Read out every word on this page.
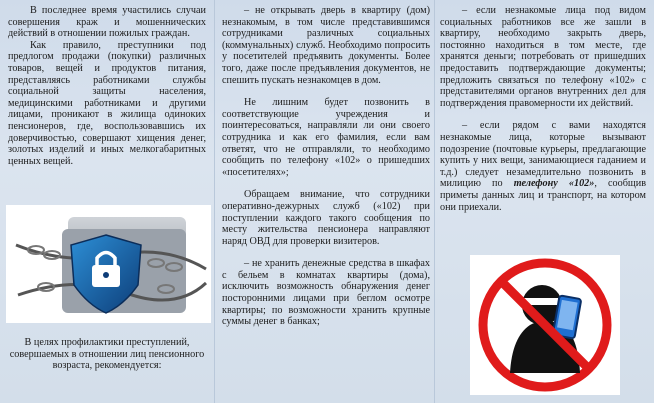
В последнее время участились случаи совершения краж и мошеннических действий в отношении пожилых граждан.

Как правило, преступники под предлогом продажи (покупки) различных товаров, вещей и продуктов питания, представляясь работниками службы социальной защиты населения, медицинскими работниками и другими лицами, проникают в жилища одиноких пенсионеров, где, воспользовавшись их доверчивостью, совершают хищения денег, золотых изделий и иных мелкогабаритных ценных вещей.

В целях профилактики преступлений, совершаемых в отношении лиц пенсионного возраста, рекомендуется:

– не открывать дверь в квартиру (дом) незнакомым, в том числе представившимся сотрудниками различных социальных (коммунальных) служб. Необходимо попросить у посетителей предъявить документы. Более того, даже после предъявления документов, не спешить пускать незнакомцев в дом.

Не лишним будет позвонить в соответствующие учреждения и поинтересоваться, направляли ли они своего сотрудника и как его фамилия, если вам ответят, что не отправляли, то необходимо сообщить по телефону «102» о пришедших «посетителях»;

Обращаем внимание, что сотрудники оперативно-дежурных служб («102) при поступлении каждого такого сообщения по месту жительства пенсионера направляют наряд ОВД для проверки визитеров.

– не хранить денежные средства в шкафах с бельем в комнатах квартиры (дома), исключить возможность обнаружения денег посторонними лицами при беглом осмотре квартиры; по возможности хранить крупные суммы денег в банках;

– если незнакомые лица под видом социальных работников все же зашли в квартиру, необходимо закрыть дверь, постоянно находиться в том месте, где хранятся деньги; потребовать от пришедших предоставить подтверждающие документы; предложить связаться по телефону «102» с представителями органов внутренних дел для подтверждения правомерности их действий.

– если рядом с вами находятся незнакомые лица, которые вызывают подозрение (почтовые курьеры, предлагающие купить у них вещи, занимающиеся гаданием и т.д.) следует незамедлительно позвонить в милицию по телефону «102», сообщив приметы данных лиц и транспорт, на котором они приехали.
